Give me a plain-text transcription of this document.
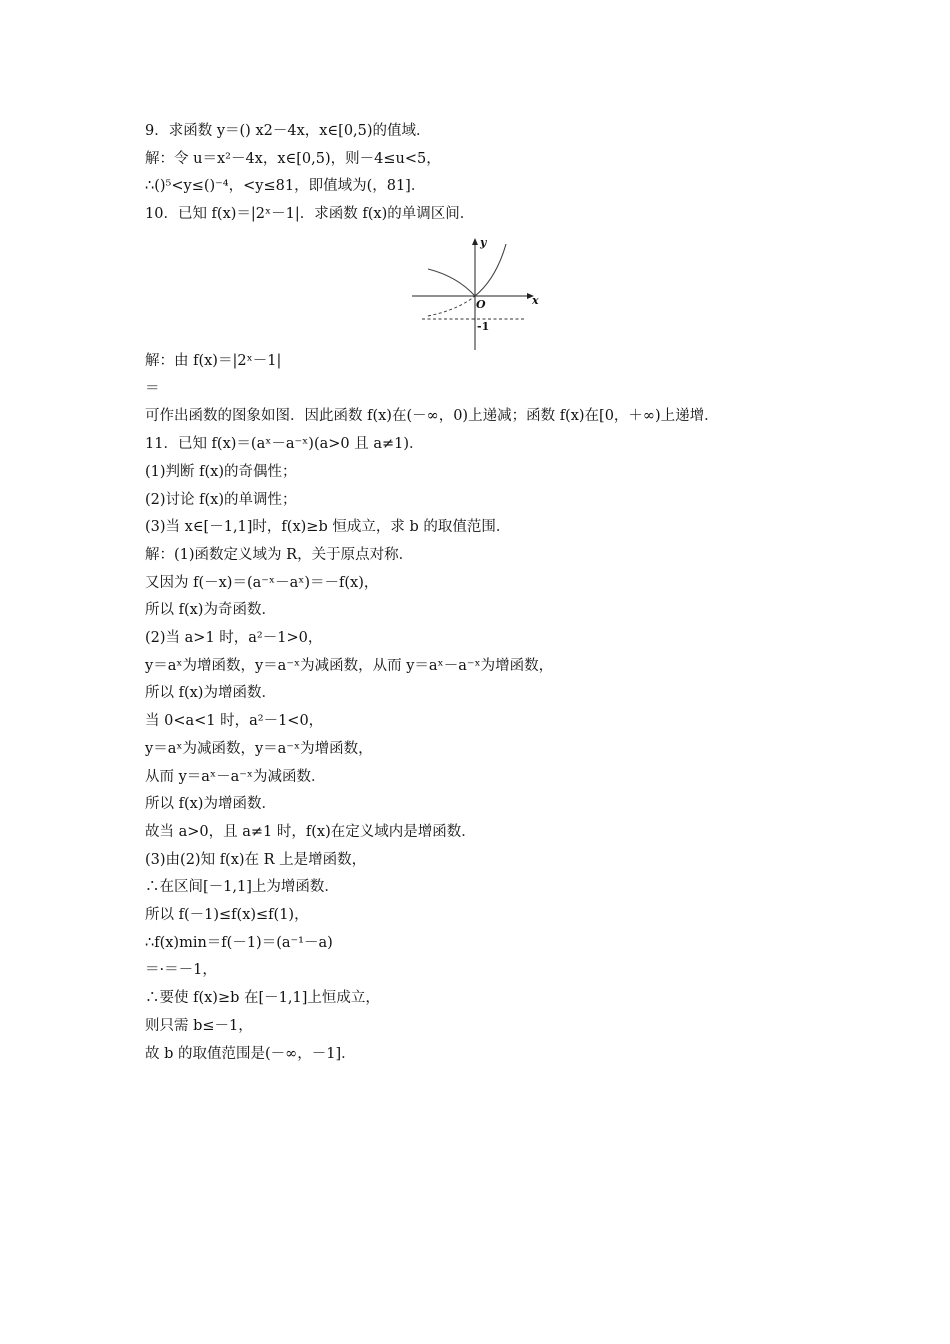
9．求函数 y＝() x2－4x，x∈[0,5)的值域．
解：令 u＝x²－4x，x∈[0,5)，则－4≤u<5，
∴()⁵<y≤()⁻⁴，<y≤81，即值域为(，81]．
10．已知 f(x)＝|2ˣ－1|．求函数 f(x)的单调区间．
y
x
O
-1
解：由 f(x)＝|2ˣ－1|
＝
可作出函数的图象如图．因此函数 f(x)在(－∞，0)上递减；函数 f(x)在[0，＋∞)上递增．
11．已知 f(x)＝(aˣ－a⁻ˣ)(a>0 且 a≠1)．
(1)判断 f(x)的奇偶性；
(2)讨论 f(x)的单调性；
(3)当 x∈[－1,1]时，f(x)≥b 恒成立，求 b 的取值范围．
解：(1)函数定义域为 R，关于原点对称．
又因为 f(－x)＝(a⁻ˣ－aˣ)＝－f(x)，
所以 f(x)为奇函数．
(2)当 a>1 时，a²－1>0，
y＝aˣ为增函数，y＝a⁻ˣ为减函数，从而 y＝aˣ－a⁻ˣ为增函数，
所以 f(x)为增函数．
当 0<a<1 时，a²－1<0，
y＝aˣ为减函数，y＝a⁻ˣ为增函数，
从而 y＝aˣ－a⁻ˣ为减函数．
所以 f(x)为增函数．
故当 a>0，且 a≠1 时，f(x)在定义域内是增函数．
(3)由(2)知 f(x)在 R 上是增函数，
∴在区间[－1,1]上为增函数．
所以 f(－1)≤f(x)≤f(1)，
∴f(x)min＝f(－1)＝(a⁻¹－a)
＝·＝－1，
∴要使 f(x)≥b 在[－1,1]上恒成立，
则只需 b≤－1，
故 b 的取值范围是(－∞，－1]．
